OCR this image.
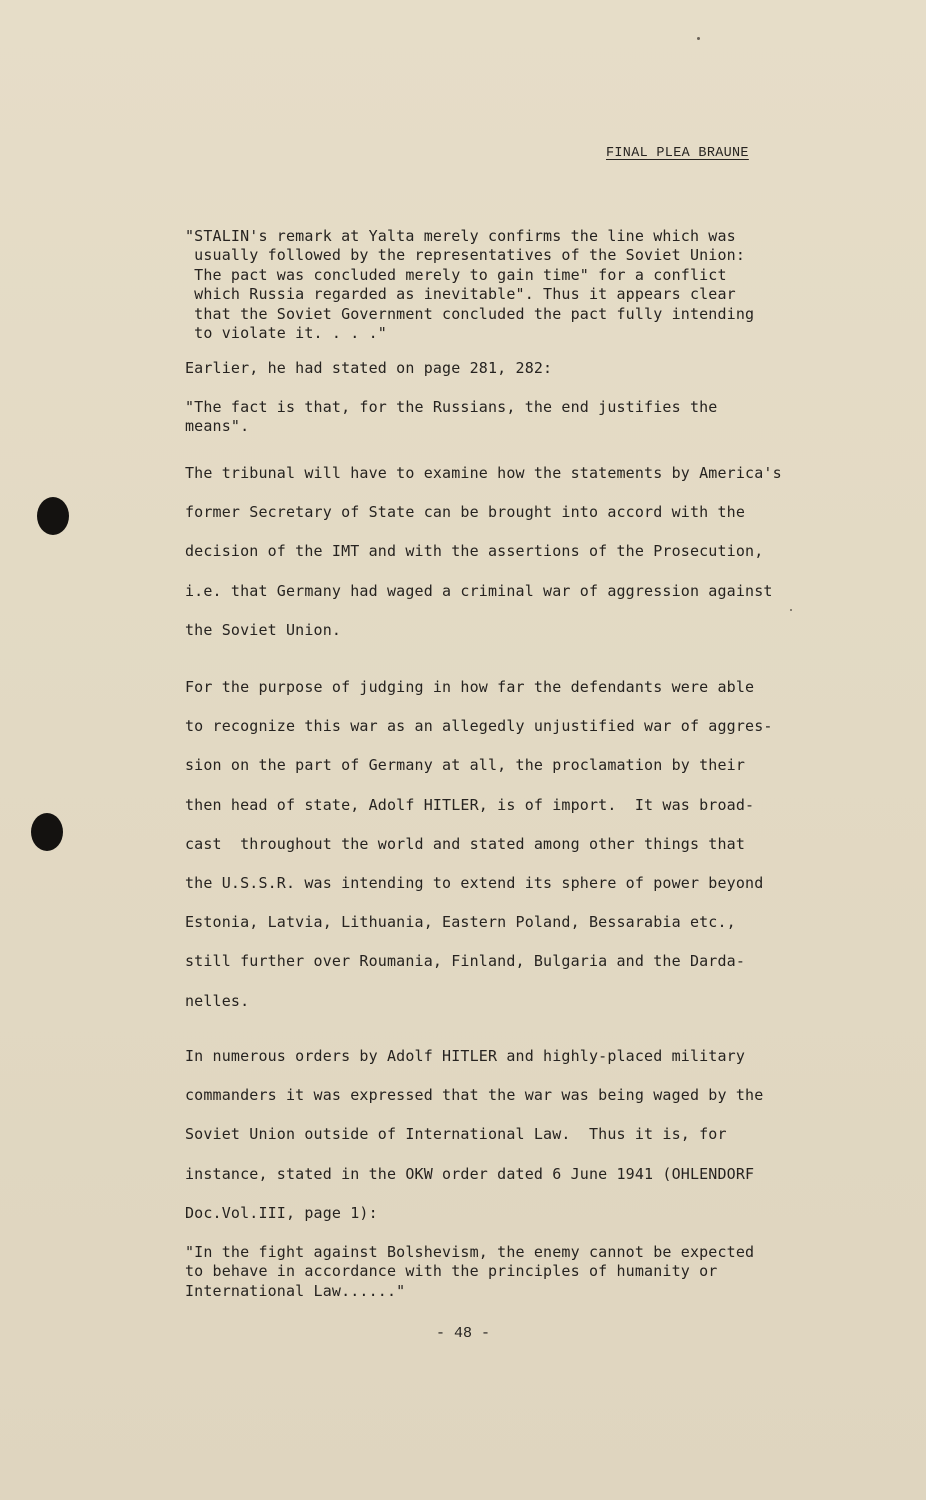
FINAL PLEA BRAUNE
"STALIN's remark at Yalta merely confirms the line which was
usually followed by the representatives of the Soviet Union:
The pact was concluded merely to gain time" for a conflict
which Russia regarded as inevitable". Thus it appears clear
that the Soviet Government concluded the pact fully intending
to violate it. . . ."
Earlier, he had stated on page 281, 282:
"The fact is that, for the Russians, the end justifies the
means".
The tribunal will have to examine how the statements by America's
former Secretary of State can be brought into accord with the
decision of the IMT and with the assertions of the Prosecution,
i.e. that Germany had waged a criminal war of aggression against
the Soviet Union.
For the purpose of judging in how far the defendants were able
to recognize this war as an allegedly unjustified war of aggres-
sion on the part of Germany at all, the proclamation by their
then head of state, Adolf HITLER, is of import.  It was broad-
cast  throughout the world and stated among other things that
the U.S.S.R. was intending to extend its sphere of power beyond
Estonia, Latvia, Lithuania, Eastern Poland, Bessarabia etc.,
still further over Roumania, Finland, Bulgaria and the Darda-
nelles.
In numerous orders by Adolf HITLER and highly-placed military
commanders it was expressed that the war was being waged by the
Soviet Union outside of International Law.  Thus it is, for
instance, stated in the OKW order dated 6 June 1941 (OHLENDORF
Doc.Vol.III, page 1):
"In the fight against Bolshevism, the enemy cannot be expected
to behave in accordance with the principles of humanity or
International Law......"
- 48 -
